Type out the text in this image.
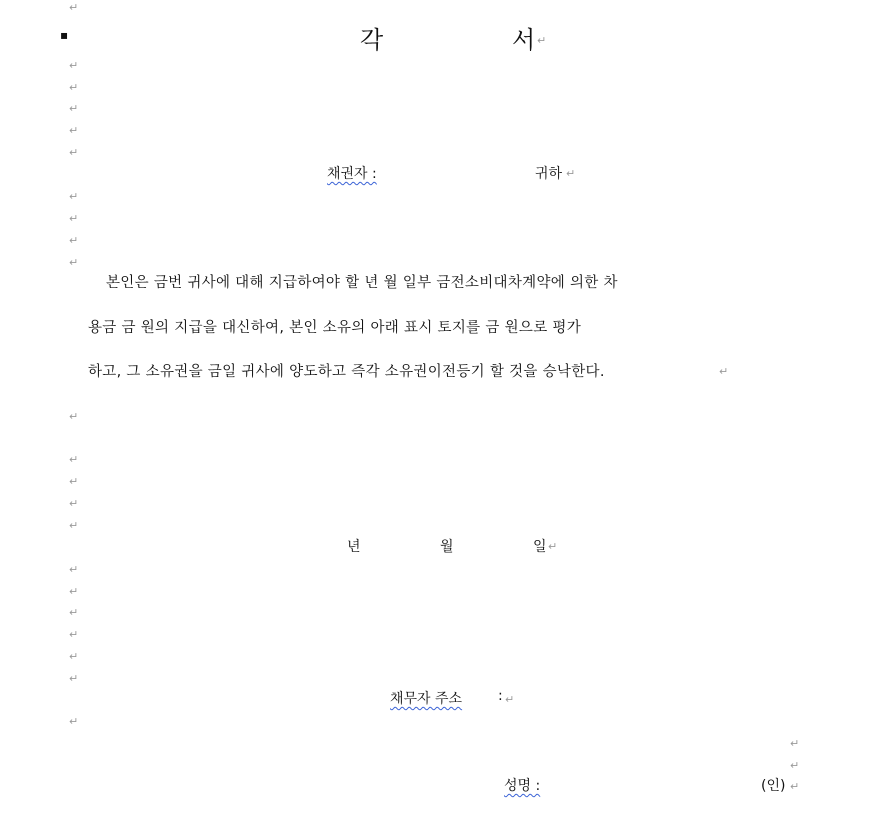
↵
▪	각	서 ↵
↵
↵
↵
↵
↵
채권자 :	귀하 ↵
↵
↵
↵
↵
본인은 금번 귀사에 대해 지급하여야 할 년 월 일부 금전소비대차계약에 의한 차
용금 금 원의 지급을 대신하여, 본인 소유의 아래 표시 토지를 금 원으로 평가
하고, 그 소유권을 금일 귀사에 양도하고 즉각 소유권이전등기 할 것을 승낙한다.	↵
↵
↵
↵
↵
↵
년	월	일 ↵
↵
↵
↵
↵
↵
↵
채무자 주소	: ↵
↵
↵
↵
성명 :	(인) ↵
